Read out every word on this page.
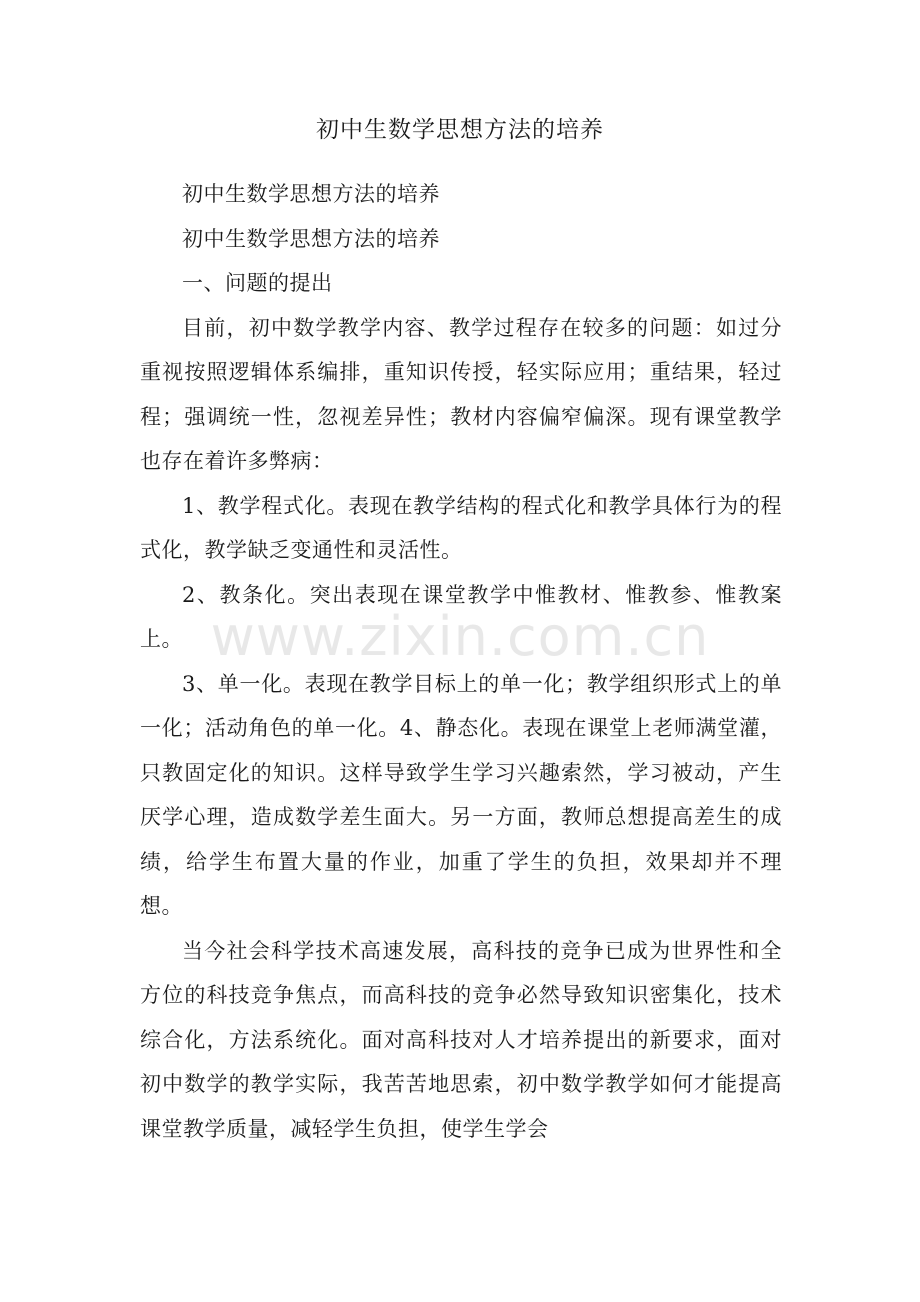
初中生数学思想方法的培养

初中生数学思想方法的培养

初中生数学思想方法的培养

一、问题的提出

目前，初中数学教学内容、教学过程存在较多的问题：如过分重视按照逻辑体系编排，重知识传授，轻实际应用；重结果，轻过程；强调统一性，忽视差异性；教材内容偏窄偏深。现有课堂教学也存在着许多弊病：

1、教学程式化。表现在教学结构的程式化和教学具体行为的程式化，教学缺乏变通性和灵活性。

2、教条化。突出表现在课堂教学中惟教材、惟教参、惟教案上。

3、单一化。表现在教学目标上的单一化；教学组织形式上的单一化；活动角色的单一化。4、静态化。表现在课堂上老师满堂灌，只教固定化的知识。这样导致学生学习兴趣索然，学习被动，产生厌学心理，造成数学差生面大。另一方面，教师总想提高差生的成绩，给学生布置大量的作业，加重了学生的负担，效果却并不理想。

当今社会科学技术高速发展，高科技的竞争已成为世界性和全方位的科技竞争焦点，而高科技的竞争必然导致知识密集化，技术综合化，方法系统化。面对高科技对人才培养提出的新要求，面对初中数学的教学实际，我苦苦地思索，初中数学教学如何才能提高课堂教学质量，减轻学生负担，使学生学会

www.zixin.com.cn
